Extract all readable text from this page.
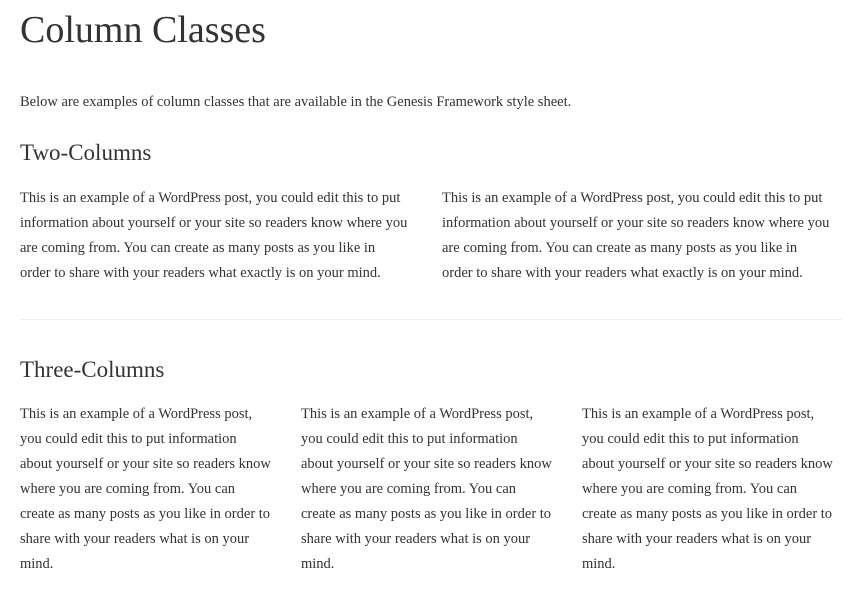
Column Classes

Below are examples of column classes that are available in the Genesis Framework style sheet.

Two-Columns

This is an example of a WordPress post, you could edit this to put
information about yourself or your site so readers know where you
are coming from. You can create as many posts as you like in
order to share with your readers what exactly is on your mind.

This is an example of a WordPress post, you could edit this to put
information about yourself or your site so readers know where you
are coming from. You can create as many posts as you like in
order to share with your readers what exactly is on your mind.

Three-Columns

This is an example of a WordPress post,
you could edit this to put information
about yourself or your site so readers know
where you are coming from. You can
create as many posts as you like in order to
share with your readers what is on your
mind.

This is an example of a WordPress post,
you could edit this to put information
about yourself or your site so readers know
where you are coming from. You can
create as many posts as you like in order to
share with your readers what is on your
mind.

This is an example of a WordPress post,
you could edit this to put information
about yourself or your site so readers know
where you are coming from. You can
create as many posts as you like in order to
share with your readers what is on your
mind.
